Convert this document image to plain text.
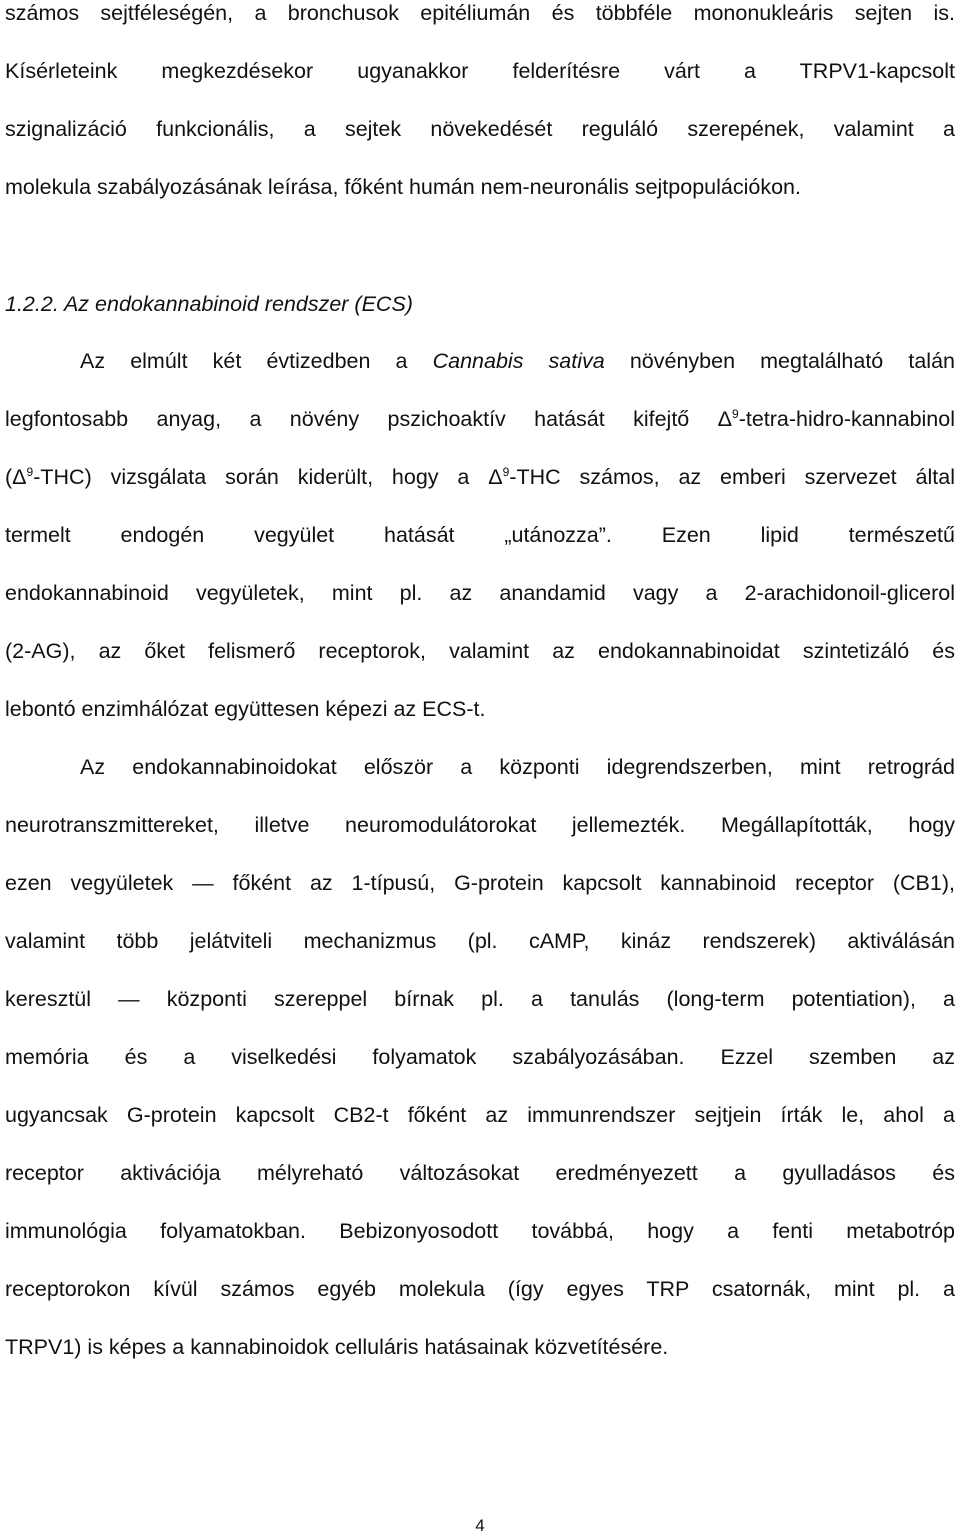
számos sejtféleségén, a bronchusok epitéliumán és többféle mononukleáris sejten is.
Kísérleteink megkezdésekor ugyanakkor felderítésre várt a TRPV1-kapcsolt
szignalizáció funkcionális, a sejtek növekedését reguláló szerepének, valamint a
molekula szabályozásának leírása, főként humán nem-neuronális sejtpopulációkon.
1.2.2. Az endokannabinoid rendszer (ECS)
Az elmúlt két évtizedben a Cannabis sativa növényben megtalálható talán
legfontosabb anyag, a növény pszichoaktív hatását kifejtő $\Delta^9-tetra-hidro$-kannabinol
$(\Delta^9-THC)$ vizsgálata során kiderült, hogy a $\Delta^9$-THC számos, az emberi szervezet által
termelt endogén vegyület hatását „utánozza”. Ezen lipid természetű
endokannabinoid vegyületek, mint pl. az anandamid vagy a 2-arachidonoil-glicerol
(2-AG), az őket felismerő receptorok, valamint az endokannabinoidat szintetizáló és
lebontó enzimhálózat együttesen képezi az ECS-t.
Az endokannabinoidokat először a központi idegrendszerben, mint retrográd
neurotranszmittereket, illetve neuromodulátorokat jellemezték. Megállapították, hogy
ezen vegyületek — főként az 1-típusú, G-protein kapcsolt kannabinoid receptor (CB1),
valamint több jelátviteli mechanizmus (pl. cAMP, kináz rendszerek) aktiválásán
keresztül — központi szereppel bírnak pl. a tanulás (long-term potentiation), a
memória és a viselkedési folyamatok szabályozásában. Ezzel szemben az
ugyancsak G-protein kapcsolt CB2-t főként az immunrendszer sejtjein írták le, ahol a
receptor aktivációja mélyreható változásokat eredményezett a gyulladásos és
immunológia folyamatokban. Bebizonyosodott továbbá, hogy a fenti metabotróp
receptorokon kívül számos egyéb molekula (így egyes TRP csatornák, mint pl. a
TRPV1) is képes a kannabinoidok celluláris hatásainak közvetítésére.
4
